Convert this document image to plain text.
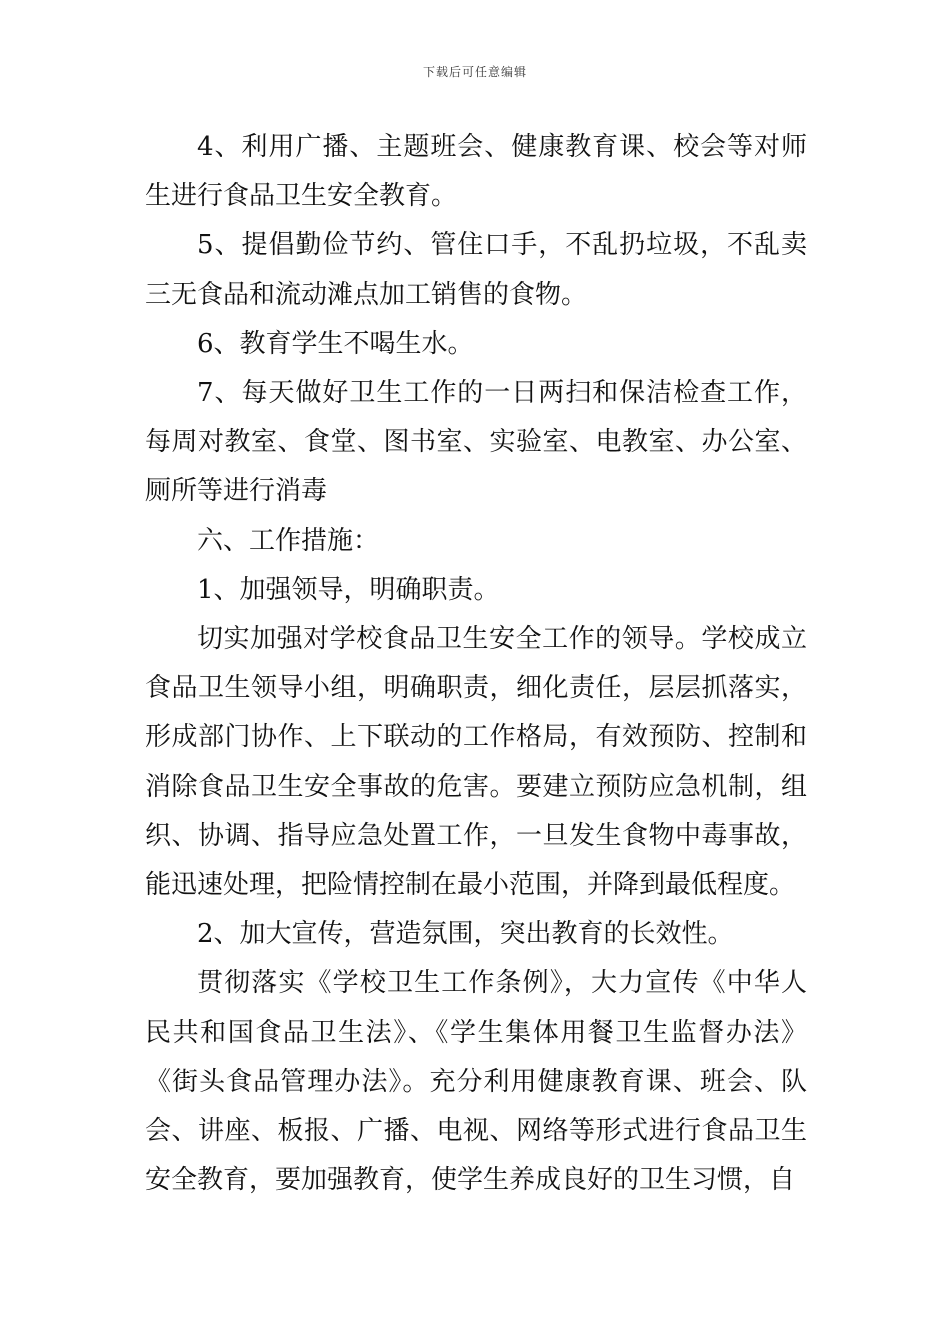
下载后可任意编辑

4、利用广播、主题班会、健康教育课、校会等对师生进行食品卫生安全教育。

5、提倡勤俭节约、管住口手，不乱扔垃圾，不乱卖三无食品和流动滩点加工销售的食物。

6、教育学生不喝生水。

7、每天做好卫生工作的一日两扫和保洁检查工作，每周对教室、食堂、图书室、实验室、电教室、办公室、厕所等进行消毒

六、工作措施：

1、加强领导，明确职责。

切实加强对学校食品卫生安全工作的领导。学校成立食品卫生领导小组，明确职责，细化责任，层层抓落实，形成部门协作、上下联动的工作格局，有效预防、控制和消除食品卫生安全事故的危害。要建立预防应急机制，组织、协调、指导应急处置工作，一旦发生食物中毒事故，能迅速处理，把险情控制在最小范围，并降到最低程度。

2、加大宣传，营造氛围，突出教育的长效性。

贯彻落实《学校卫生工作条例》，大力宣传《中华人民共和国食品卫生法》、《学生集体用餐卫生监督办法》《街头食品管理办法》。充分利用健康教育课、班会、队会、讲座、板报、广播、电视、网络等形式进行食品卫生安全教育，要加强教育，使学生养成良好的卫生习惯，自
